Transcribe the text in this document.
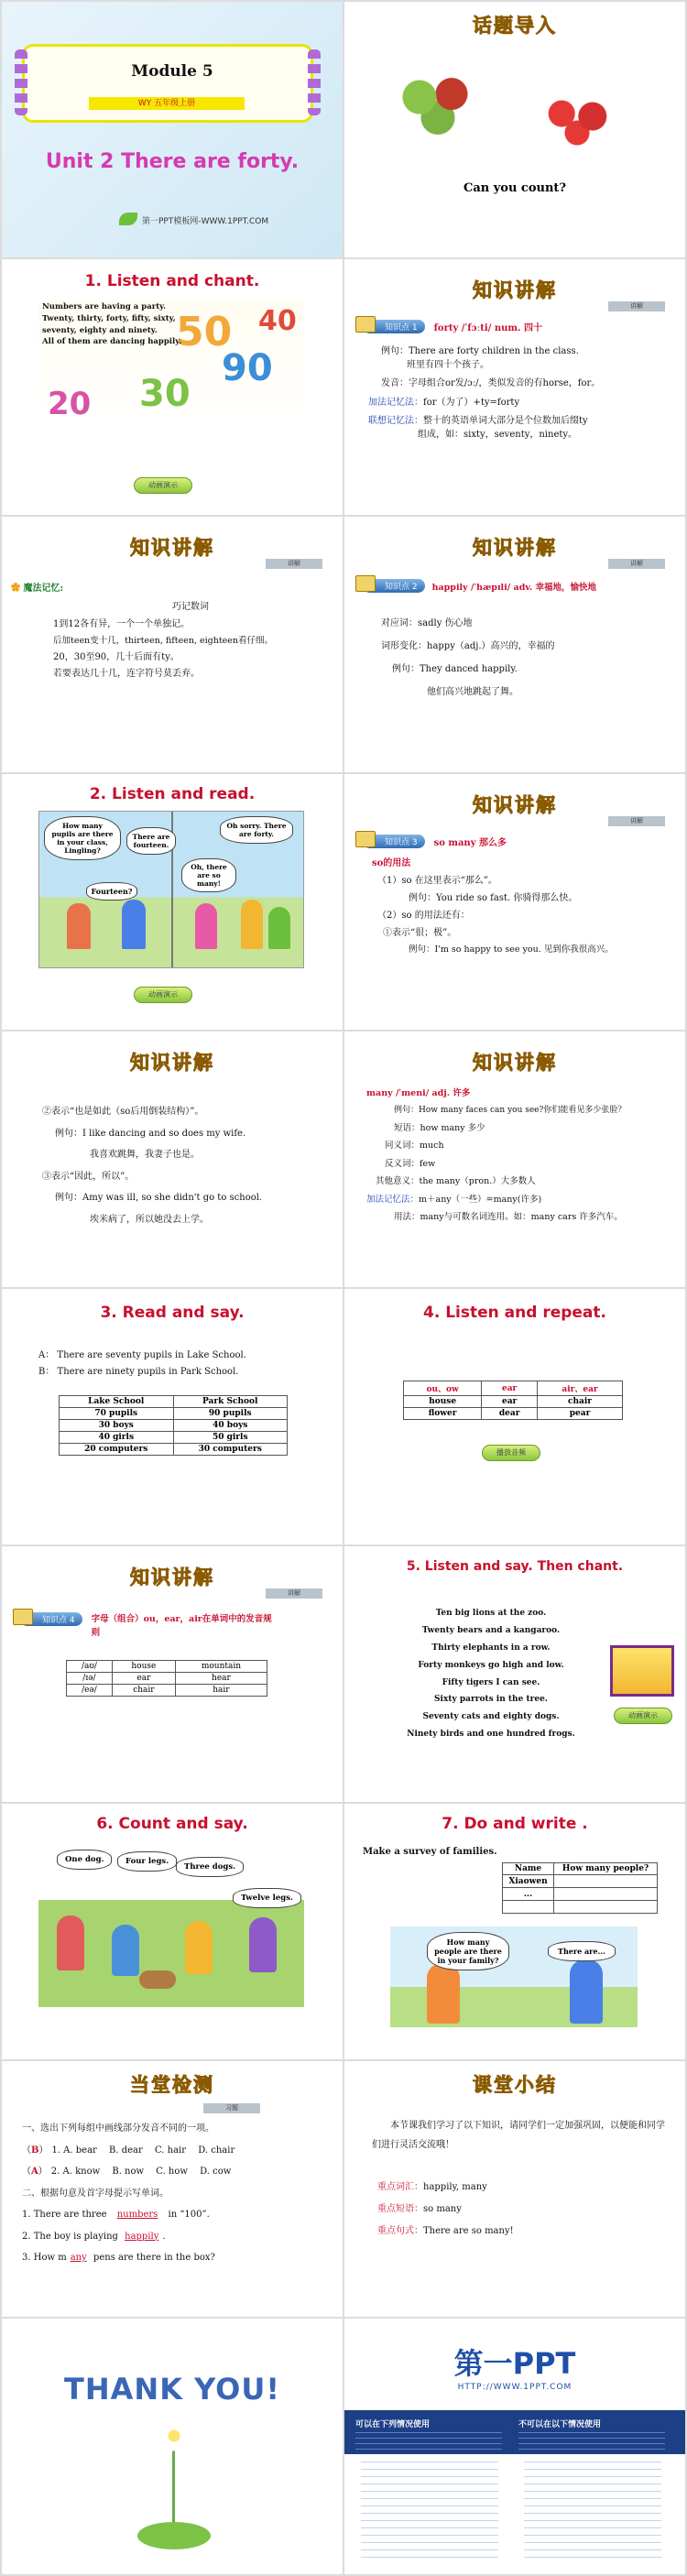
Module 5
WY 五年级上册
Unit 2 There are forty.
第一PPT模板网-WWW.1PPT.COM
话题导入
Can you count?
1. Listen and chant.
50
90
30
20
40
Numbers are having a party.
Twenty, thirty, forty, fifty, sixty,
seventy, eighty and ninety.
All of them are dancing happily.
动画演示
知识讲解
讲解
知识点 1	forty /ˈfɔːti/ num. 四十
例句：There are forty children in the class.
班里有四十个孩子。
发音：字母组合or发/ɔː/，类似发音的有horse，for。
加法记忆法：for（为了）+ty=forty
联想记忆法：整十的英语单词大部分是个位数加后缀ty
组成，如：sixty，seventy，ninety。
知识讲解
讲解
✿ 魔法记忆:
巧记数词
1到12各有异，一个一个单独记。
后加teen变十几，thirteen, fifteen, eighteen看仔细。
20，30至90，几十后面有ty。
若要表达几十几，连字符号莫丢弃。
知识讲解
讲解
知识点 2	happily /ˈhæpɪli/ adv. 幸福地，愉快地
对应词：sadly 伤心地
词形变化：happy（adj.）高兴的，幸福的
例句：They danced happily.
他们高兴地跳起了舞。
2. Listen and read.
How many pupils are there in your class, Lingling?
There are fourteen.
Fourteen?
Oh sorry. There are forty.
Oh, there are so many!
动画演示
知识讲解
讲解
知识点 3	so many 那么多
so的用法
（1）so 在这里表示“那么”。
例句：You ride so fast. 你骑得那么快。
（2）so 的用法还有：
①表示“很；极”。
例句：I'm so happy to see you. 见到你我很高兴。
知识讲解
②表示“也是如此（so后用倒装结构）”。
例句：I like dancing and so does my wife.
我喜欢跳舞，我妻子也是。
③表示“因此，所以”。
例句：Amy was ill, so she didn't go to school.
埃米病了，所以她没去上学。
知识讲解
many /ˈmeni/ adj. 许多
例句：How many faces can you see?你们能看见多少张脸？
短语：how many 多少
同义词：much
反义词：few
其他意义：the many（pron.）大多数人
加法记忆法：m＋any（一些）=many(许多)
用法：many与可数名词连用。如：many cars 许多汽车。
3. Read and say.
A： There are seventy pupils in Lake School.
B： There are ninety pupils in Park School.
Lake School	Park School
70 pupils	90 pupils
30 boys	40 boys
40 girls	50 girls
20 computers	30 computers
4. Listen and repeat.
ou、ow	ear	air、ear
house	ear	chair
flower	dear	pear
播放音频
知识讲解
讲解
知识点 4	字母（组合）ou，ear，air在单词中的发音规则
/aʊ/	house	mountain
/ɪə/	ear	hear
/eə/	chair	hair
5. Listen and say. Then chant.
Ten big lions at the zoo.
Twenty bears and a kangaroo.
Thirty elephants in a row.
Forty monkeys go high and low.
Fifty tigers I can see.
Sixty parrots in the tree.
Seventy cats and eighty dogs.
Ninety birds and one hundred frogs.
动画演示
6. Count and say.
One dog.	Four legs.
Three dogs.
Twelve legs.
7. Do and write .
Make a survey of families.
Name	How many people?
Xiaowen	
...	

How many people are there in your family?
There are...
当堂检测
习题
一、选出下列每组中画线部分发音不同的一项。
（B） 1. A. bear B. dear C. hair D. chair
（A） 2. A. know B. now C. how D. cow
二、根据句意及首字母提示写单词。
1. There are three numbers in “100”.
2. The boy is playing happily .
3. How m any pens are there in the box?
课堂小结
本节课我们学习了以下知识，请同学们一定加强巩固，以便能和同学们进行灵活交流哦！
重点词汇：happily, many
重点短语：so many
重点句式：There are so many!
THANK YOU!
第一PPT
HTTP://WWW.1PPT.COM
可以在下列情况使用	不可以在以下情况使用
